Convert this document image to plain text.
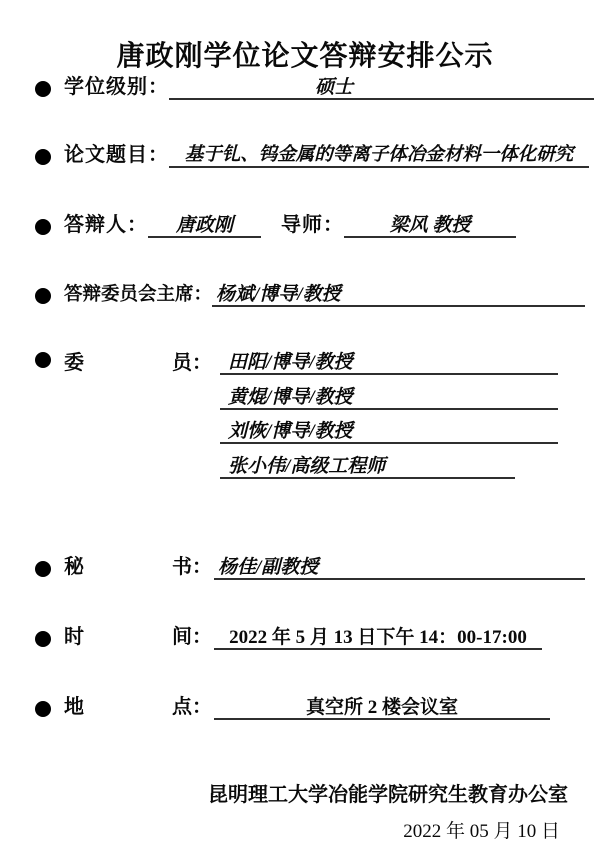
唐政刚学位论文答辩安排公示
学位级别：	硕士
论文题目： 基于钆、钨金属的等离子体冶金材料一体化研究
答辩人：	唐政刚	导师：	梁风 教授
答辩委员会主席： 杨斌/博导/教授
委	员： 田阳/博导/教授
黄焜/博导/教授
刘恢/博导/教授
张小伟/高级工程师
秘	书： 杨佳/副教授
时	间： 2022 年 5 月 13 日下午 14：00-17:00
地	点：	真空所 2 楼会议室
昆明理工大学冶能学院研究生教育办公室
2022 年 05 月 10 日
